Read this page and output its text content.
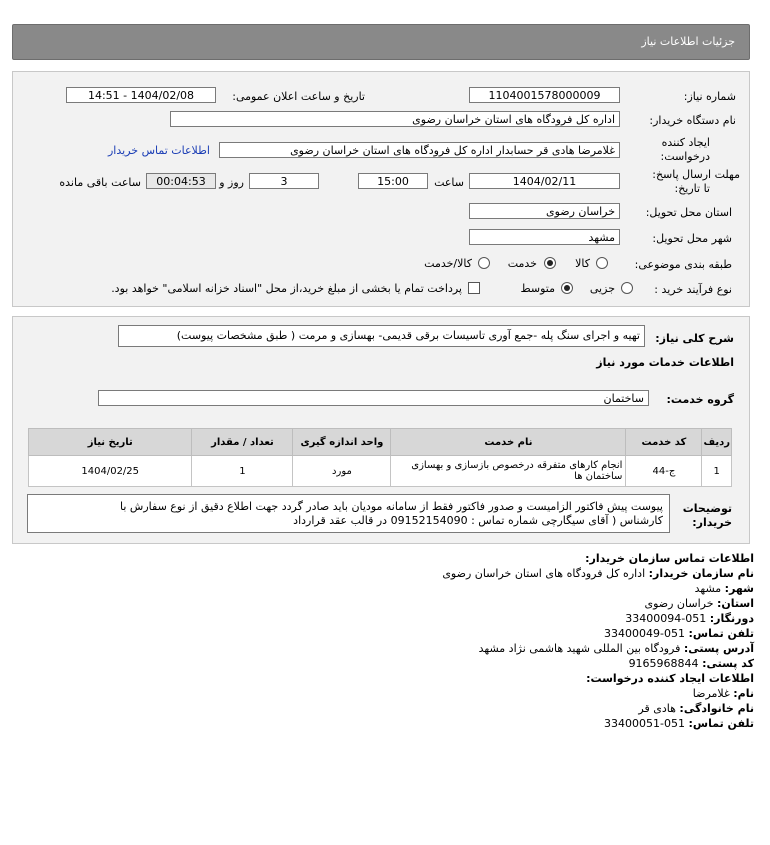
جزئیات اطلاعات نیاز
شماره نیاز:
1104001578000009
تاریخ و ساعت اعلان عمومی:
1404/02/08 - 14:51
نام دستگاه خریدار:
اداره کل فرودگاه های استان خراسان رضوی
ایجاد کننده
درخواست:
غلامرضا هادی قر حسابدار اداره کل فرودگاه های استان خراسان رضوی
اطلاعات تماس خریدار
مهلت ارسال پاسخ:
تا تاریخ:
1404/02/11
ساعت
15:00
3
روز و
00:04:53
ساعت باقی مانده
استان محل تحویل:
خراسان رضوی
شهر محل تحویل:
مشهد
طبقه بندی موضوعی:
کالا
خدمت
کالا/خدمت
نوع فرآیند خرید :
جزیی
متوسط
پرداخت تمام یا بخشی از مبلغ خرید،از محل "اسناد خزانه اسلامی" خواهد بود.
شرح کلی نیاز:
تهیه و اجرای سنگ پله -جمع آوری تاسیسات برقی قدیمی- بهسازی و مرمت ( طبق مشخصات پیوست)
اطلاعات خدمات مورد نیاز
گروه خدمت:
ساختمان
ردیف	کد خدمت	نام خدمت	واحد اندازه گیری	تعداد / مقدار	تاریخ نیاز
1	ج-44	انجام کارهای متفرقه درخصوص بازسازی و بهسازی ساختمان ها	مورد	1	1404/02/25
توضیحات
خریدار:
پیوست پیش فاکتور الزامیست و صدور فاکتور فقط از سامانه مودیان باید صادر گردد جهت اطلاع دقیق از نوع سفارش با
کارشناس ( آقای سیگارچی شماره تماس : 09152154090 در قالب عقد قرارداد
اطلاعات تماس سازمان خریدار:
نام سازمان خریدار: اداره کل فرودگاه های استان خراسان رضوی
شهر: مشهد
استان: خراسان رضوی
دورنگار: 051-33400094
تلفن تماس: 051-33400049
آدرس پستی: فرودگاه بین المللی شهید هاشمی نژاد مشهد
کد پستی: 9165968844
اطلاعات ایجاد کننده درخواست:
نام: غلامرضا
نام خانوادگی: هادی قر
تلفن تماس: 051-33400051
